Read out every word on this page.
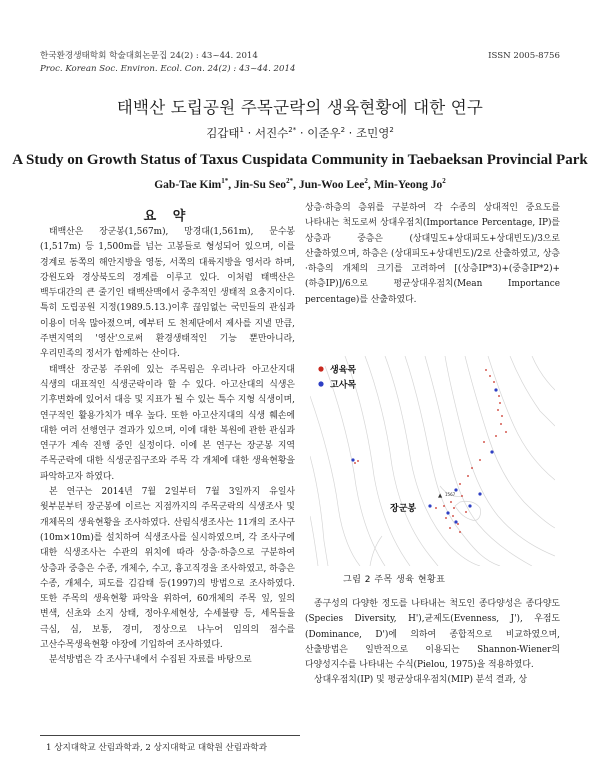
한국환경생태학회 학술대회논문집 24(2) : 43~44. 2014
Proc. Korean Soc. Environ. Ecol. Con. 24(2) : 43~44. 2014
ISSN 2005-8756
태백산 도립공원 주목군락의 생육현황에 대한 연구
김갑태$^1$ · 서진수$^{2*}$ · 이준우$^2$ · 조민영$^2$
A Study on Growth Status of Taxus Cuspidata Community in Taebaeksan Provincial Park
Gab-Tae Kim$^{1*}$, Jin-Su Seo$^{2*}$, Jun-Woo Lee$^2$, Min-Yeong Jo$^2$
요 약

태백산은 장군봉(1,567m), 망경대(1,561m), 문수봉(1,517m) 등 1,500m를 넘는 고봉들로 형성되어 있으며, 이를 경계로 동쪽의 해안지방을 영동, 서쪽의 대륙지방을 영서라 하며, 강원도와 경상북도의 경계를 이루고 있다. 이처럼 태백산은 백두대간의 큰 줄기인 태백산맥에서 중추적인 생태적 요충지이다. 특히 도립공원 지정(1989.5.13.)이후 끊임없는 국민들의 관심과 이용이 더욱 많아졌으며, 예부터 도 천제단에서 제사를 지낼 만큼, 주변지역의 '영산'으로써 환경생태적인 기능 뿐만아니라, 우리민족의 정서가 함께하는 산이다.

태백산 장군봉 주위에 있는 주목림은 우리나라 아고산지대 식생의 대표적인 식생군락이라 할 수 있다. 아고산대의 식생은 기후변화에 있어서 대응 및 지표가 될 수 있는 특수 지형 식생이며, 연구적인 활용가치가 매우 높다. 또한 아고산지대의 식생 훼손에 대한 여러 선행연구 결과가 있으며, 이에 대한 복원에 관한 관심과 연구가 계속 진행 중인 실정이다. 이에 본 연구는 장군봉 지역 주목군락에 대한 식생군집구조와 주목 각 개체에 대한 생육현황을 파악하고자 하였다.

본 연구는 2014년 7월 2일부터 7월 3일까지 유일사 윗부분부터 장군봉에 이르는 지점까지의 주목군락의 식생조사 및 개체목의 생육현황을 조사하였다. 산림식생조사는 11개의 조사구(10m×10m)를 설치하여 식생조사를 실시하였으며, 각 조사구에 대한 식생조사는 수관의 위치에 따라 상층·하층으로 구분하여 상층과 중층은 수종, 개체수, 수고, 흉고직경을 조사하였고, 하층은 수종, 개체수, 피도를 김갑태 등(1997)의 방법으로 조사하였다. 또한 주목의 생육현황 파악을 위하여, 60개체의 주목 잎, 잎의 변색, 신초와 소지 상태, 정아우세현상, 수세불량 등, 세목들을 극심, 심, 보통, 경미, 정상으로 나누어 임의의 점수를 고산수목생육현황 야장에 기입하여 조사하였다.

분석방법은 각 조사구내에서 수집된 자료를 바탕으로

상층·하층의 층위를 구분하여 각 수종의 상대적인 중요도를 나타내는 척도로써 상대우점치(Importance Percentage, IP)를 상층과 중층은 (상대밀도+상대피도+상대빈도)/3으로 산출하였으며, 하층은 (상대피도+상대빈도)/2로 산출하였고, 상층·하층의 개체의 크기를 고려하여 [(상층IP*3)+(중층IP*2)+(하층IP)]/6으로 평균상대우점치(Mean Importance percentage)를 산출하였다.

생육목
고사목
▲ 1567
장군봉
그림 2 주목 생육 현황표

종구성의 다양한 정도를 나타내는 척도인 종다양성은 종다양도(Species Diversity, H'),균제도(Evenness, J'), 우점도(Dominance, D')에 의하여 종합적으로 비교하였으며, 산출방법은 일반적으로 이용되는 Shannon-Wiener의 다양성지수를 나타내는 수식(Pielou, 1975)을 적용하였다.

상대우점치(IP) 및 평균상대우점치(MIP) 분석 결과, 상

1 상지대학교 산림과학과, 2 상지대학교 대학원 산림과학과
